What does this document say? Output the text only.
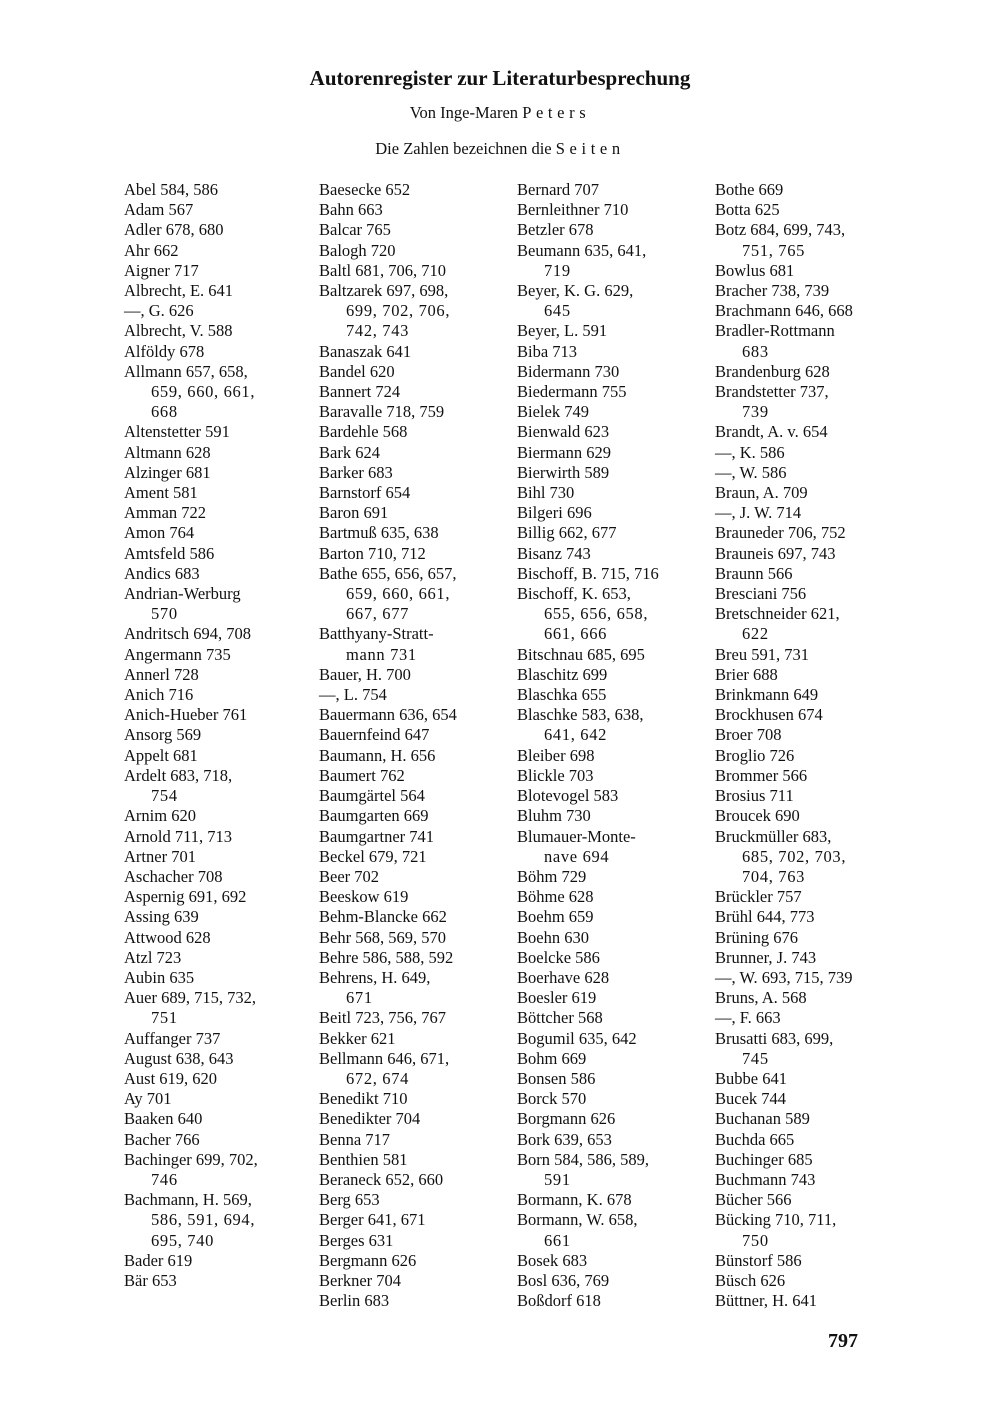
Autorenregister zur Literaturbesprechung
Von Inge-Maren Peters
Die Zahlen bezeichnen die Seiten
Abel 584, 586
Adam 567
Adler 678, 680
Ahr 662
Aigner 717
Albrecht, E. 641
—, G. 626
Albrecht, V. 588
Alföldy 678
Allmann 657, 658,
659, 660, 661,
668
Altenstetter 591
Altmann 628
Alzinger 681
Ament 581
Amman 722
Amon 764
Amtsfeld 586
Andics 683
Andrian-Werburg
570
Andritsch 694, 708
Angermann 735
Annerl 728
Anich 716
Anich-Hueber 761
Ansorg 569
Appelt 681
Ardelt 683, 718,
754
Arnim 620
Arnold 711, 713
Artner 701
Aschacher 708
Aspernig 691, 692
Assing 639
Attwood 628
Atzl 723
Aubin 635
Auer 689, 715, 732,
751
Auffanger 737
August 638, 643
Aust 619, 620
Ay 701
Baaken 640
Bacher 766
Bachinger 699, 702,
746
Bachmann, H. 569,
586, 591, 694,
695, 740
Bader 619
Bär 653
Baesecke 652
Bahn 663
Balcar 765
Balogh 720
Baltl 681, 706, 710
Baltzarek 697, 698,
699, 702, 706,
742, 743
Banaszak 641
Bandel 620
Bannert 724
Baravalle 718, 759
Bardehle 568
Bark 624
Barker 683
Barnstorf 654
Baron 691
Bartmuß 635, 638
Barton 710, 712
Bathe 655, 656, 657,
659, 660, 661,
667, 677
Batthyany-Stratt-
mann 731
Bauer, H. 700
—, L. 754
Bauermann 636, 654
Bauernfeind 647
Baumann, H. 656
Baumert 762
Baumgärtel 564
Baumgarten 669
Baumgartner 741
Beckel 679, 721
Beer 702
Beeskow 619
Behm-Blancke 662
Behr 568, 569, 570
Behre 586, 588, 592
Behrens, H. 649,
671
Beitl 723, 756, 767
Bekker 621
Bellmann 646, 671,
672, 674
Benedikt 710
Benedikter 704
Benna 717
Benthien 581
Beraneck 652, 660
Berg 653
Berger 641, 671
Berges 631
Bergmann 626
Berkner 704
Berlin 683
Bernard 707
Bernleithner 710
Betzler 678
Beumann 635, 641,
719
Beyer, K. G. 629,
645
Beyer, L. 591
Biba 713
Bidermann 730
Biedermann 755
Bielek 749
Bienwald 623
Biermann 629
Bierwirth 589
Bihl 730
Bilgeri 696
Billig 662, 677
Bisanz 743
Bischoff, B. 715, 716
Bischoff, K. 653,
655, 656, 658,
661, 666
Bitschnau 685, 695
Blaschitz 699
Blaschka 655
Blaschke 583, 638,
641, 642
Bleiber 698
Blickle 703
Blotevogel 583
Bluhm 730
Blumauer-Monte-
nave 694
Böhm 729
Böhme 628
Boehm 659
Boehn 630
Boelcke 586
Boerhave 628
Boesler 619
Böttcher 568
Bogumil 635, 642
Bohm 669
Bonsen 586
Borck 570
Borgmann 626
Bork 639, 653
Born 584, 586, 589,
591
Bormann, K. 678
Bormann, W. 658,
661
Bosek 683
Bosl 636, 769
Boßdorf 618
Bothe 669
Botta 625
Botz 684, 699, 743,
751, 765
Bowlus 681
Bracher 738, 739
Brachmann 646, 668
Bradler-Rottmann
683
Brandenburg 628
Brandstetter 737,
739
Brandt, A. v. 654
—, K. 586
—, W. 586
Braun, A. 709
—, J. W. 714
Brauneder 706, 752
Brauneis 697, 743
Braunn 566
Bresciani 756
Bretschneider 621,
622
Breu 591, 731
Brier 688
Brinkmann 649
Brockhusen 674
Broer 708
Broglio 726
Brommer 566
Brosius 711
Broucek 690
Bruckmüller 683,
685, 702, 703,
704, 763
Brückler 757
Brühl 644, 773
Brüning 676
Brunner, J. 743
—, W. 693, 715, 739
Bruns, A. 568
—, F. 663
Brusatti 683, 699,
745
Bubbe 641
Bucek 744
Buchanan 589
Buchda 665
Buchinger 685
Buchmann 743
Bücher 566
Bücking 710, 711,
750
Bünstorf 586
Büsch 626
Büttner, H. 641
797
